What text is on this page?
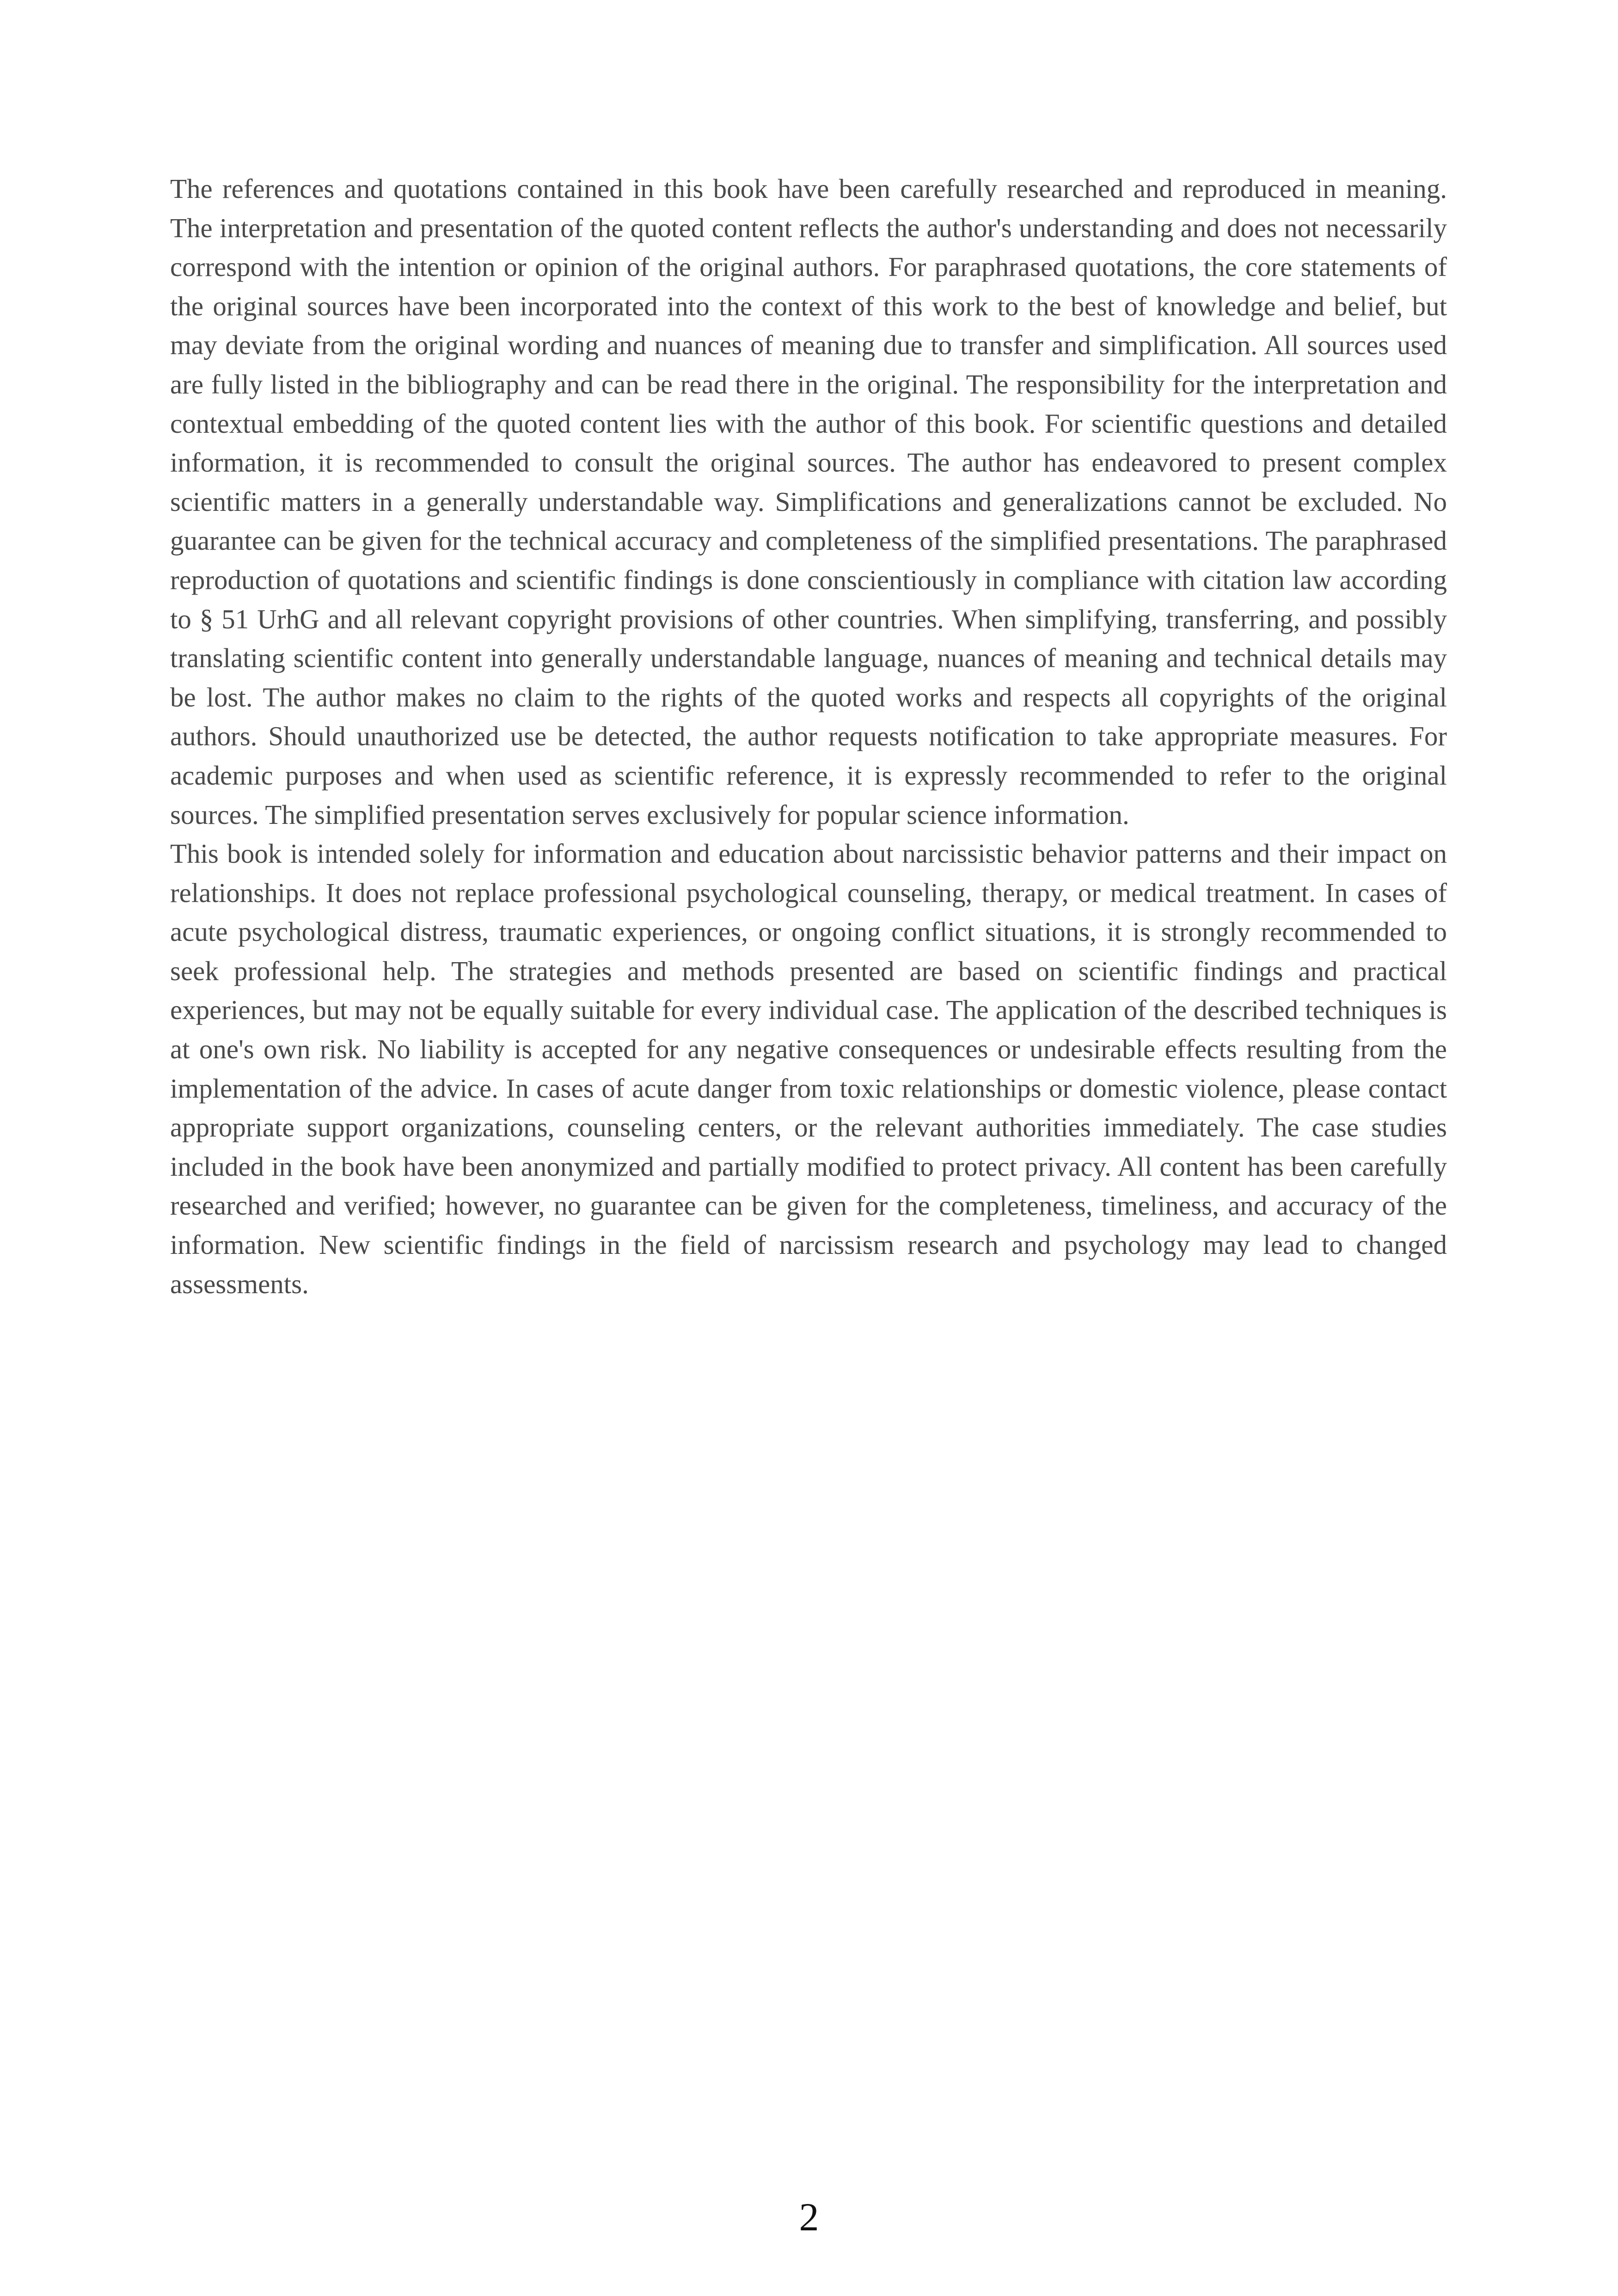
The references and quotations contained in this book have been carefully researched and reproduced in meaning. The interpretation and presentation of the quoted content reflects the author's understanding and does not necessarily correspond with the intention or opinion of the original authors. For paraphrased quotations, the core statements of the original sources have been incorporated into the context of this work to the best of knowledge and belief, but may deviate from the original wording and nuances of meaning due to transfer and simplification. All sources used are fully listed in the bibliography and can be read there in the original. The responsibility for the interpretation and contextual embedding of the quoted content lies with the author of this book. For scientific questions and detailed information, it is recommended to consult the original sources. The author has endeavored to present complex scientific matters in a generally understandable way. Simplifications and generalizations cannot be excluded. No guarantee can be given for the technical accuracy and completeness of the simplified presentations. The paraphrased reproduction of quotations and scientific findings is done conscientiously in compliance with citation law according to § 51 UrhG and all relevant copyright provisions of other countries. When simplifying, transferring, and possibly translating scientific content into generally understandable language, nuances of meaning and technical details may be lost. The author makes no claim to the rights of the quoted works and respects all copyrights of the original authors. Should unauthorized use be detected, the author requests notification to take appropriate measures. For academic purposes and when used as scientific reference, it is expressly recommended to refer to the original sources. The simplified presentation serves exclusively for popular science information.

This book is intended solely for information and education about narcissistic behavior patterns and their impact on relationships. It does not replace professional psychological counseling, therapy, or medical treatment. In cases of acute psychological distress, traumatic experiences, or ongoing conflict situations, it is strongly recommended to seek professional help. The strategies and methods presented are based on scientific findings and practical experiences, but may not be equally suitable for every individual case. The application of the described techniques is at one's own risk. No liability is accepted for any negative consequences or undesirable effects resulting from the implementation of the advice. In cases of acute danger from toxic relationships or domestic violence, please contact appropriate support organizations, counseling centers, or the relevant authorities immediately. The case studies included in the book have been anonymized and partially modified to protect privacy. All content has been carefully researched and verified; however, no guarantee can be given for the completeness, timeliness, and accuracy of the information. New scientific findings in the field of narcissism research and psychology may lead to changed assessments.

2
